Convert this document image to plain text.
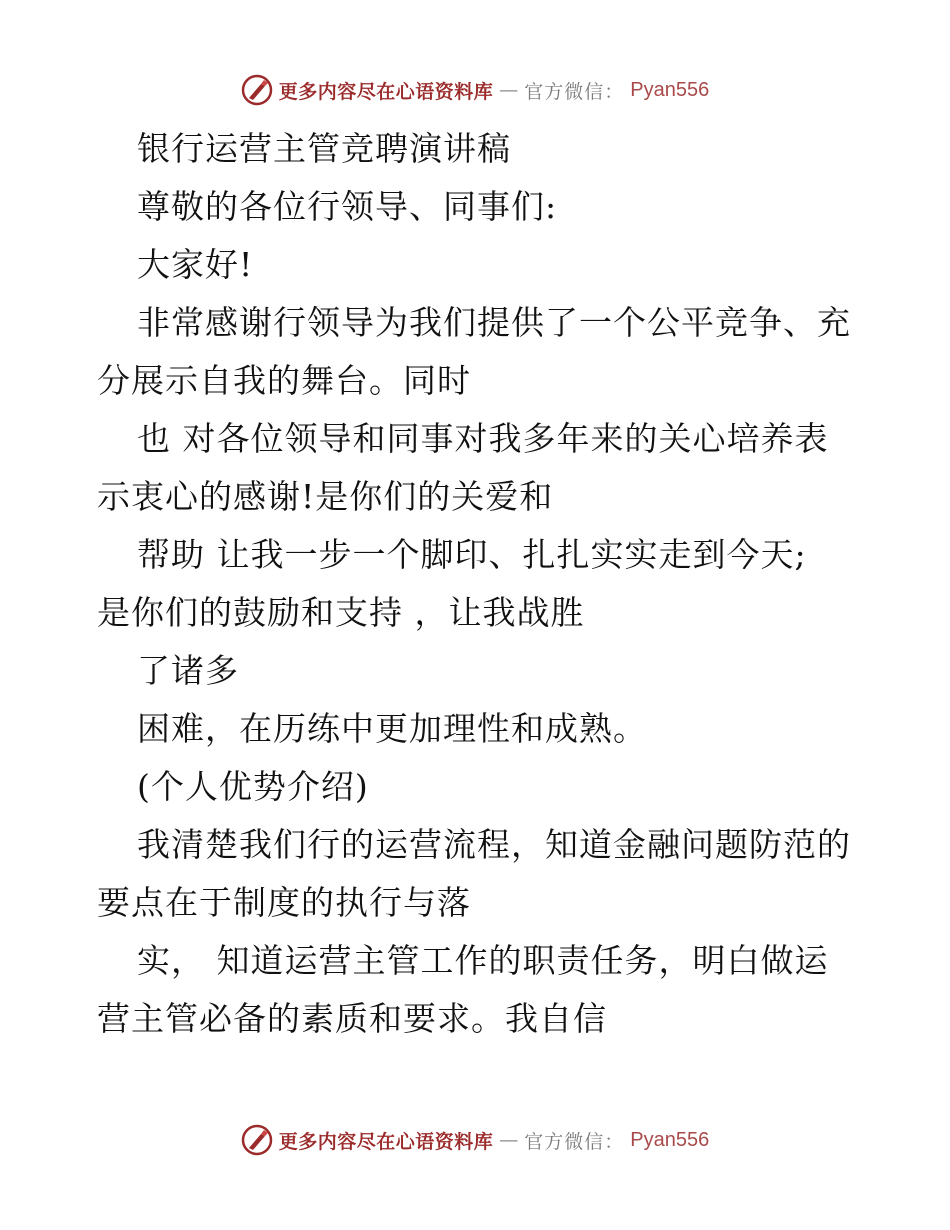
更多内容尽在心语资料库 — 官方微信： Pyan556
银行运营主管竞聘演讲稿
尊敬的各位行领导、同事们:
大家好!
非常感谢行领导为我们提供了一个公平竞争、充
分展示自我的舞台。同时
也 对各位领导和同事对我多年来的关心培养表
示衷心的感谢!是你们的关爱和
帮助 让我一步一个脚印、扎扎实实走到今天;
是你们的鼓励和支持 ，让我战胜
了诸多
困难，在历练中更加理性和成熟。
(个人优势介绍)
我清楚我们行的运营流程，知道金融问题防范的
要点在于制度的执行与落
实， 知道运营主管工作的职责任务，明白做运
营主管必备的素质和要求。我自信
更多内容尽在心语资料库 — 官方微信： Pyan556
